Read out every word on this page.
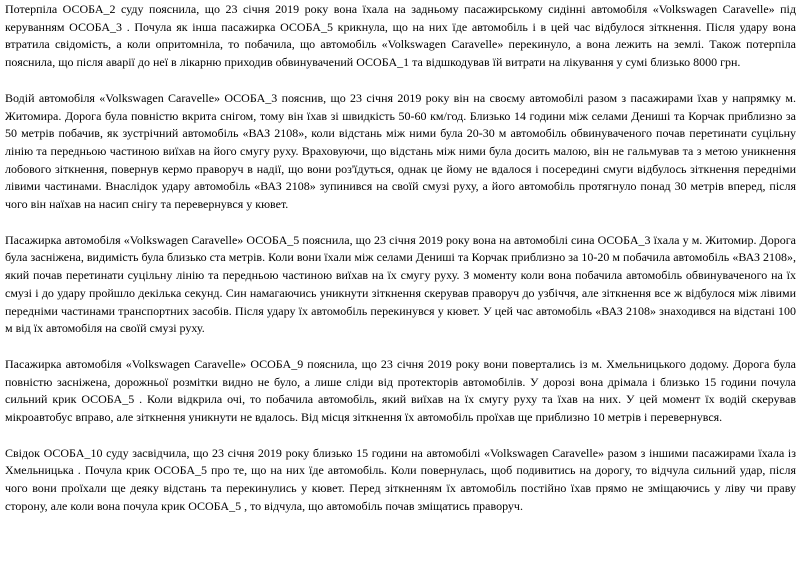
Потерпіла ОСОБА_2 суду пояснила, що 23 січня 2019 року вона їхала на задньому пасажирському сидінні автомобіля «Volkswagen Caravelle» під керуванням ОСОБА_3 . Почула як інша пасажирка ОСОБА_5 крикнула, що на них їде автомобіль і в цей час відбулося зіткнення. Після удару вона втратила свідомість, а коли опритомніла, то побачила, що автомобіль «Volkswagen Caravelle» перекинуло, а вона лежить на землі. Також потерпіла пояснила, що після аварії до неї в лікарню приходив обвинувачений ОСОБА_1 та відшкодував їй витрати на лікування у сумі близько 8000 грн.

Водій автомобіля «Volkswagen Caravelle» ОСОБА_3 пояснив, що 23 січня 2019 року він на своєму автомобілі разом з пасажирами їхав у напрямку м. Житомира. Дорога була повністю вкрита снігом, тому він їхав зі швидкість 50-60 км/год. Близько 14 години між селами Дениші та Корчак приблизно за 50 метрів побачив, як зустрічний автомобіль «ВАЗ 2108», коли відстань між ними була 20-30 м автомобіль обвинуваченого почав перетинати суцільну лінію та передньою частиною виїхав на його смугу руху. Враховуючи, що відстань між ними була досить малою, він не гальмував та з метою уникнення лобового зіткнення, повернув кермо праворуч в надії, що вони роз'їдуться, однак це йому не вдалося і посередині смуги відбулось зіткнення передніми лівими частинами. Внаслідок удару автомобіль «ВАЗ 2108» зупинився на своїй смузі руху, а його автомобіль протягнуло понад 30 метрів вперед, після чого він наїхав на насип снігу та перевернувся у кювет.

Пасажирка автомобіля «Volkswagen Caravelle» ОСОБА_5 пояснила, що 23 січня 2019 року вона на автомобілі сина ОСОБА_3 їхала у м. Житомир. Дорога була засніжена, видимість була близько ста метрів. Коли вони їхали між селами Дениші та Корчак приблизно за 10-20 м побачила автомобіль «ВАЗ 2108», який почав перетинати суцільну лінію та передньою частиною виїхав на їх смугу руху. З моменту коли вона побачила автомобіль обвинуваченого на їх смузі і до удару пройшло декілька секунд. Син намагаючись уникнути зіткнення скерував праворуч до узбіччя, але зіткнення все ж відбулося між лівими передніми частинами транспортних засобів. Після удару їх автомобіль перекинувся у кювет. У цей час автомобіль «ВАЗ 2108» знаходився на відстані 100 м від їх автомобіля на своїй смузі руху.

Пасажирка автомобіля «Volkswagen Caravelle» ОСОБА_9 пояснила, що 23 січня 2019 року вони повертались із м. Хмельницького додому. Дорога була повністю засніжена, дорожньої розмітки видно не було, а лише сліди від протекторів автомобілів. У дорозі вона дрімала і близько 15 години почула сильний крик ОСОБА_5 . Коли відкрила очі, то побачила автомобіль, який виїхав на їх смугу руху та їхав на них. У цей момент їх водій скерував мікроавтобус вправо, але зіткнення уникнути не вдалось. Від місця зіткнення їх автомобіль проїхав ще приблизно 10 метрів і перевернувся.

Свідок ОСОБА_10 суду засвідчила, що 23 січня 2019 року близько 15 години на автомобілі «Volkswagen Caravelle» разом з іншими пасажирами їхала із Хмельницька . Почула крик ОСОБА_5 про те, що на них їде автомобіль. Коли повернулась, щоб подивитись на дорогу, то відчула сильний удар, після чого вони проїхали ще деяку відстань та перекинулись у кювет. Перед зіткненням їх автомобіль постійно їхав прямо не зміщаючись у ліву чи праву сторону, але коли вона почула крик ОСОБА_5 , то відчула, що автомобіль почав зміщатись праворуч.
